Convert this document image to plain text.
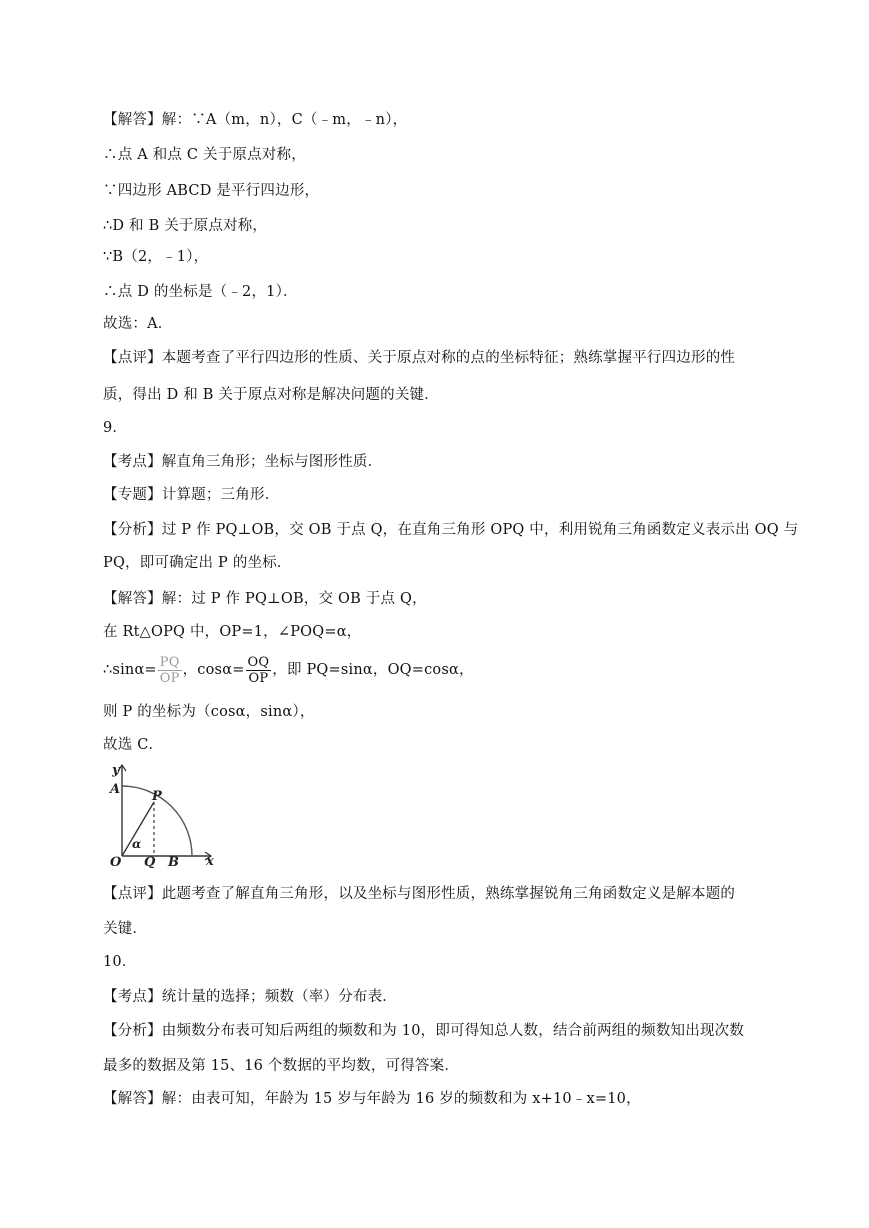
【解答】解：∵A（m，n），C（﹣m，﹣n），
∴点 A 和点 C 关于原点对称，
∵四边形 ABCD 是平行四边形，
∴D 和 B 关于原点对称，
∵B（2，﹣1），
∴点 D 的坐标是（﹣2，1）．
故选：A．
【点评】本题考查了平行四边形的性质、关于原点对称的点的坐标特征；熟练掌握平行四边形的性
质，得出 D 和 B 关于原点对称是解决问题的关键．
9．
【考点】解直角三角形；坐标与图形性质．
【专题】计算题；三角形．
【分析】过 P 作 PQ⊥OB，交 OB 于点 Q，在直角三角形 OPQ 中，利用锐角三角函数定义表示出 OQ 与
PQ，即可确定出 P 的坐标．
【解答】解：过 P 作 PQ⊥OB，交 OB 于点 Q，
在 Rt△OPQ 中，OP=1，∠POQ=α，
∴sinα= $\frac{PQ}{OP}$ ，$\cos\alpha= \frac{OQ}{OP}$ ，即 PQ=sinα，OQ=cosα，
则 P 的坐标为（cosα，sinα），
故选 C．
y
x
A P
O Q B
α
【点评】此题考查了解直角三角形，以及坐标与图形性质，熟练掌握锐角三角函数定义是解本题的
关键．
10．
【考点】统计量的选择；频数（率）分布表．
【分析】由频数分布表可知后两组的频数和为 10，即可得知总人数，结合前两组的频数知出现次数
最多的数据及第 15、16 个数据的平均数，可得答案．
【解答】解：由表可知，年龄为 15 岁与年龄为 16 岁的频数和为 x+10﹣x=10，
